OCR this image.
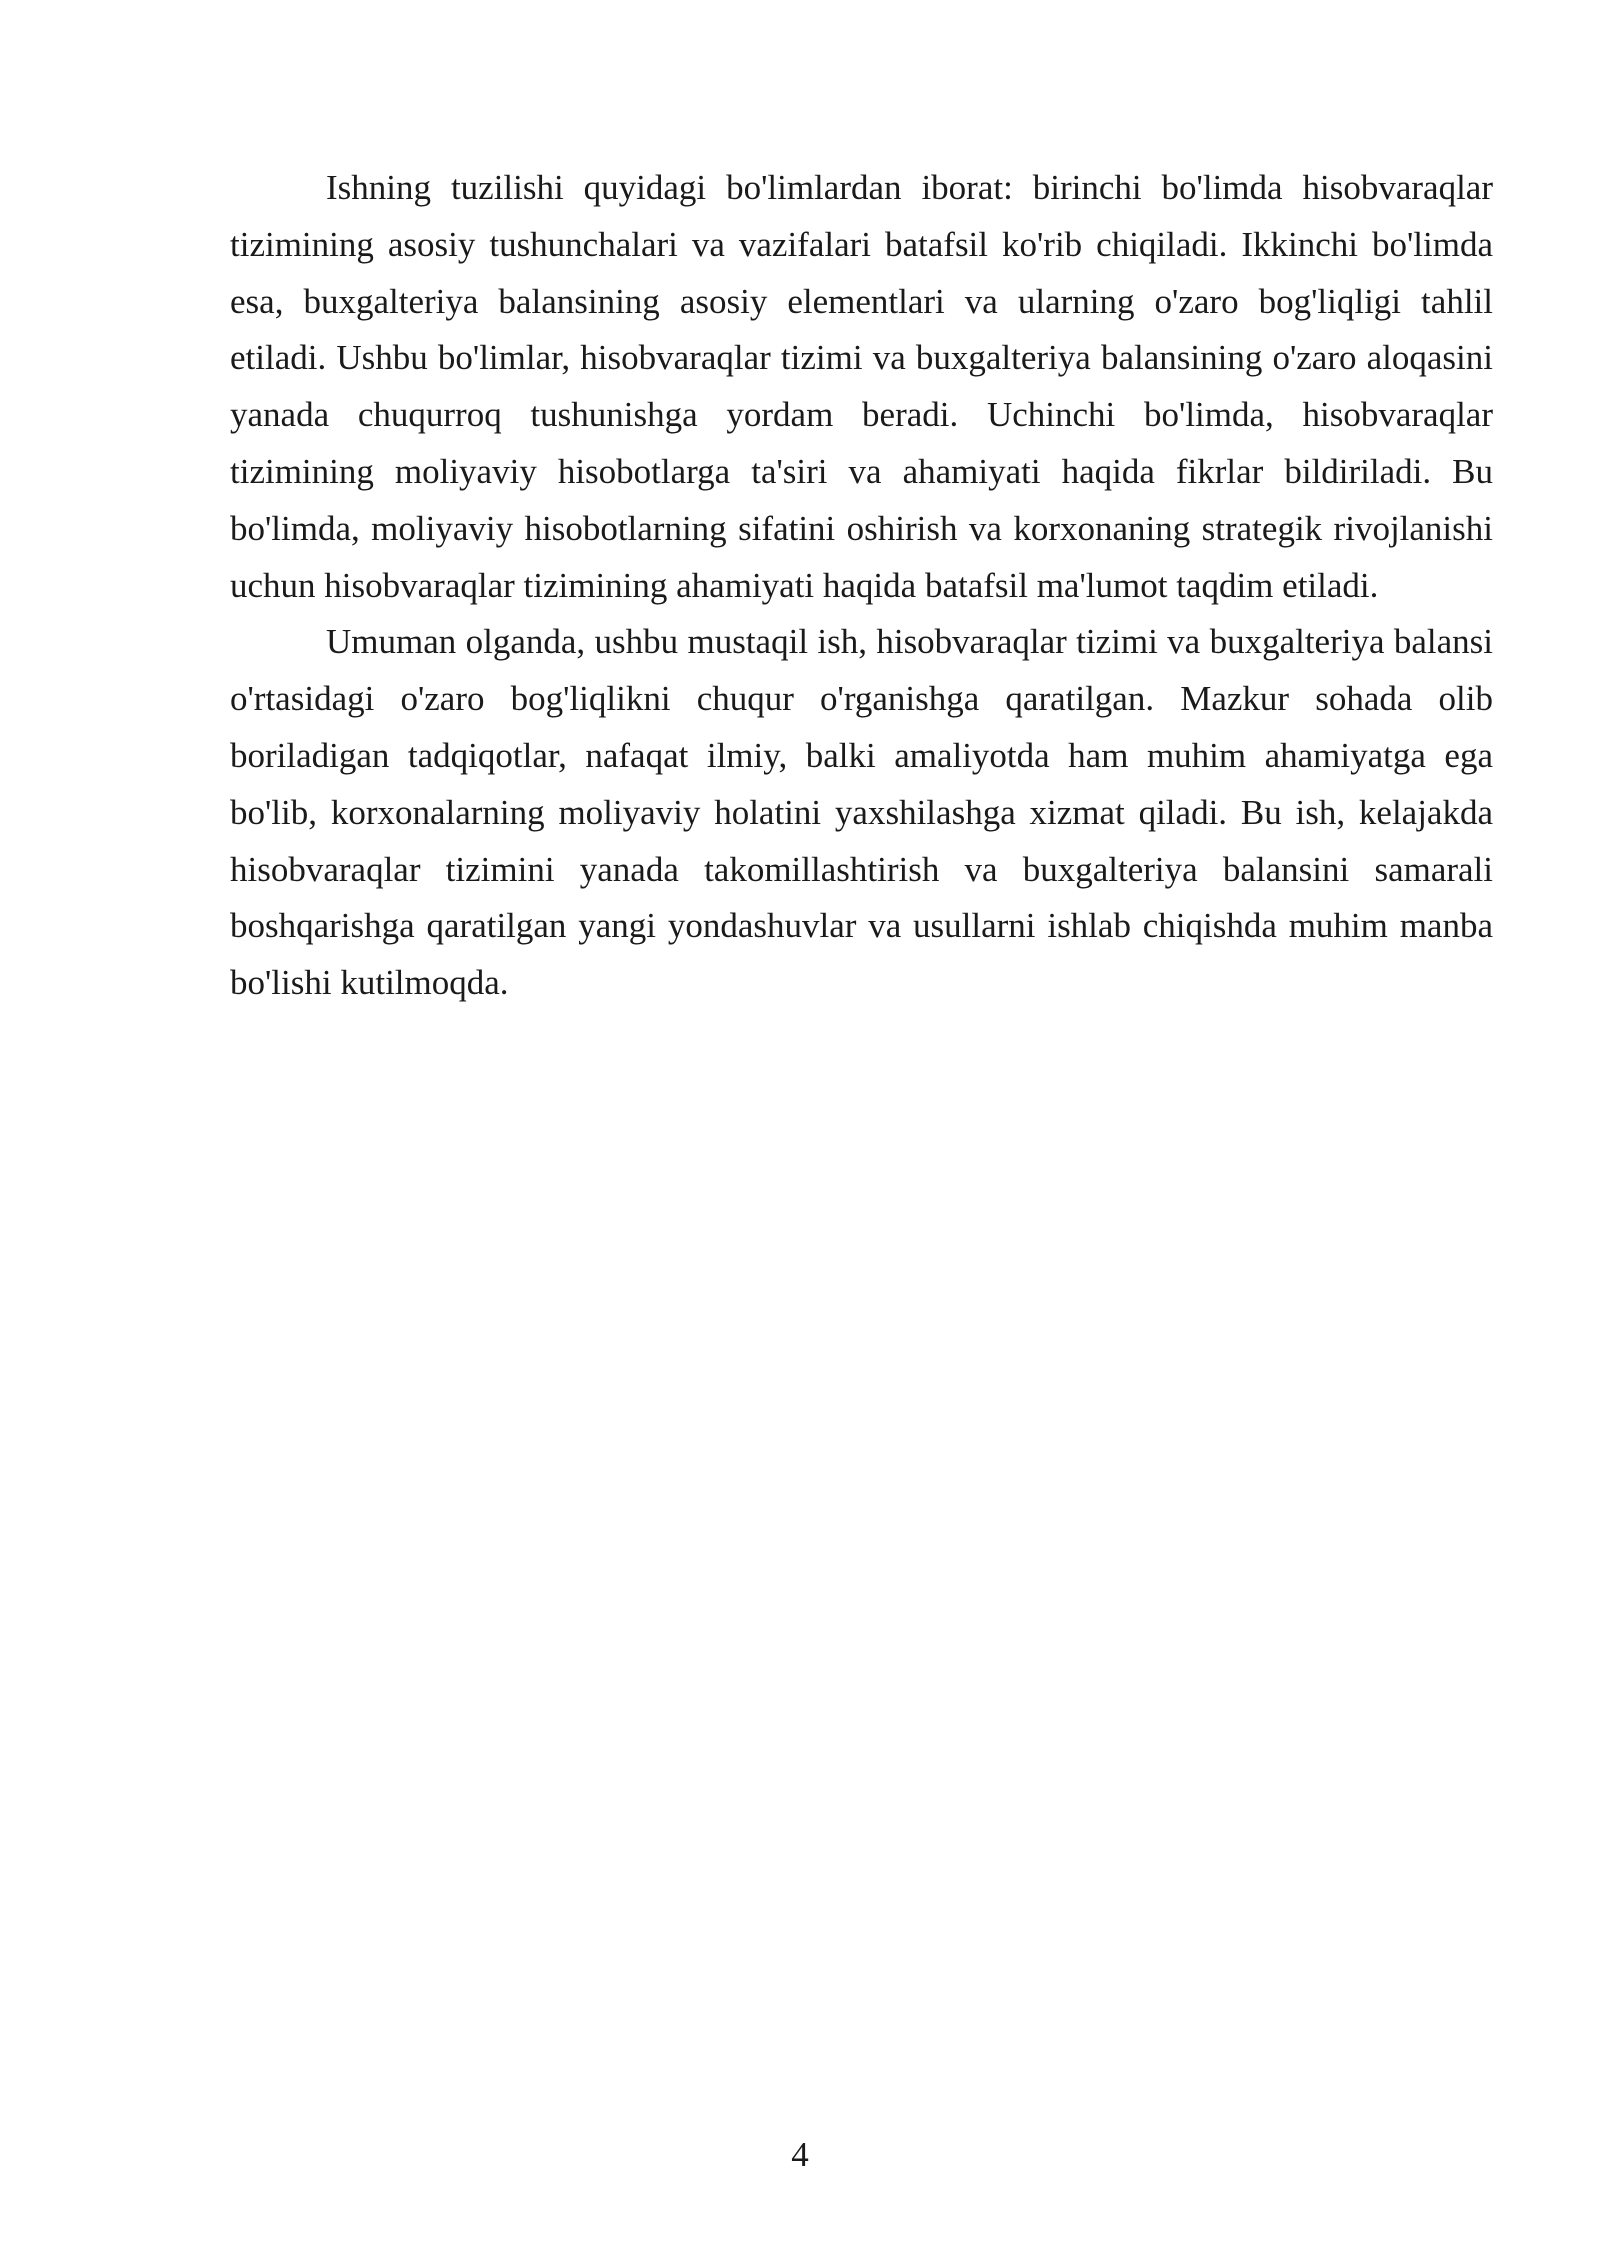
Ishning tuzilishi quyidagi bo'limlardan iborat: birinchi bo'limda hisobvaraqlar tizimining asosiy tushunchalari va vazifalari batafsil ko'rib chiqiladi. Ikkinchi bo'limda esa, buxgalteriya balansining asosiy elementlari va ularning o'zaro bog'liqligi tahlil etiladi. Ushbu bo'limlar, hisobvaraqlar tizimi va buxgalteriya balansining o'zaro aloqasini yanada chuqurroq tushunishga yordam beradi. Uchinchi bo'limda, hisobvaraqlar tizimining moliyaviy hisobotlarga ta'siri va ahamiyati haqida fikrlar bildiriladi. Bu bo'limda, moliyaviy hisobotlarning sifatini oshirish va korxonaning strategik rivojlanishi uchun hisobvaraqlar tizimining ahamiyati haqida batafsil ma'lumot taqdim etiladi.

Umuman olganda, ushbu mustaqil ish, hisobvaraqlar tizimi va buxgalteriya balansi o'rtasidagi o'zaro bog'liqlikni chuqur o'rganishga qaratilgan. Mazkur sohada olib boriladigan tadqiqotlar, nafaqat ilmiy, balki amaliyotda ham muhim ahamiyatga ega bo'lib, korxonalarning moliyaviy holatini yaxshilashga xizmat qiladi. Bu ish, kelajakda hisobvaraqlar tizimini yanada takomillashtirish va buxgalteriya balansini samarali boshqarishga qaratilgan yangi yondashuvlar va usullarni ishlab chiqishda muhim manba bo'lishi kutilmoqda.

4
